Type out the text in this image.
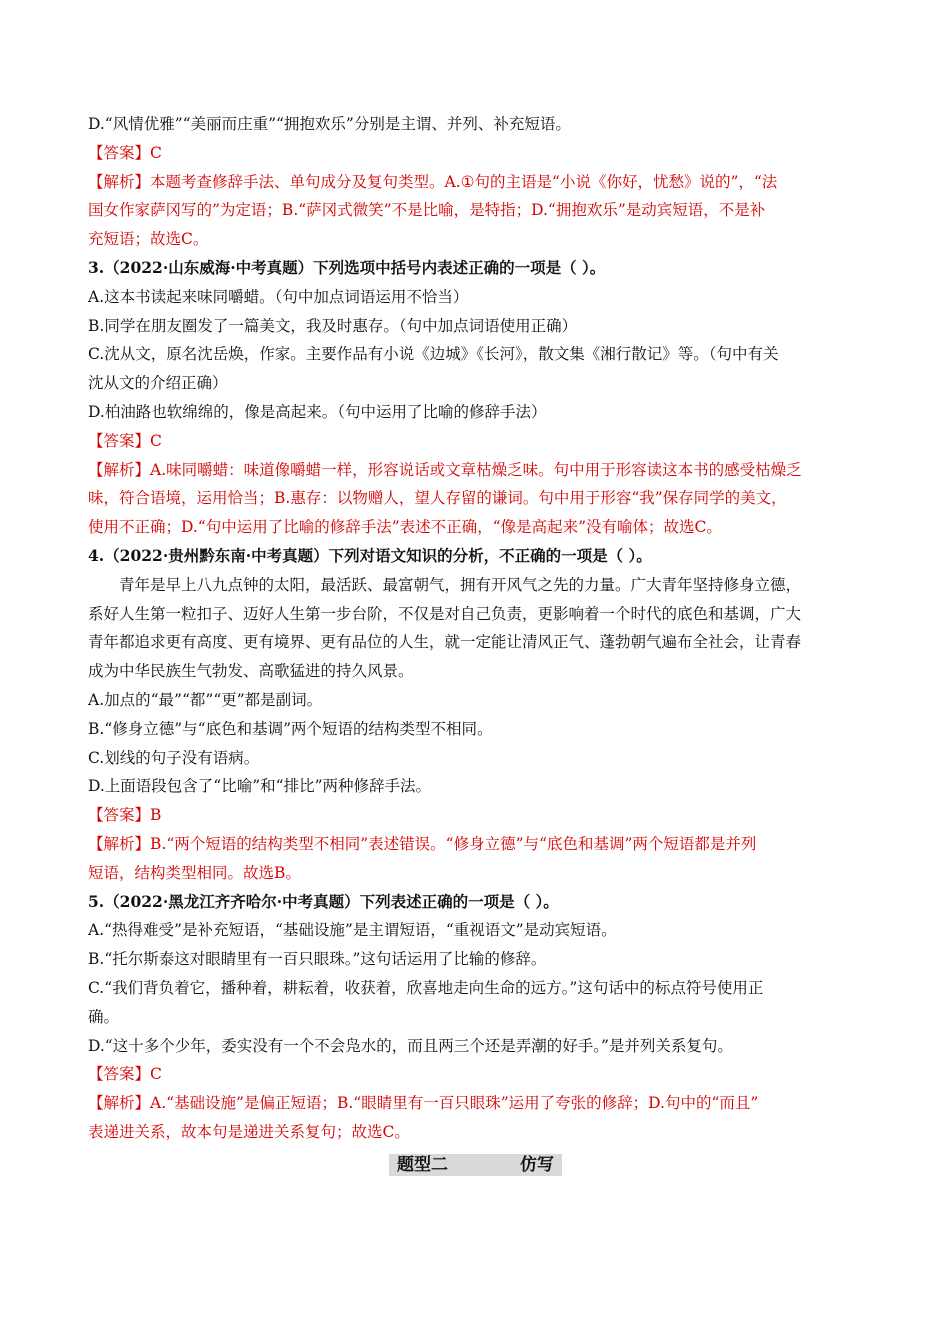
D.“风情优雅”“美丽而庄重”“拥抱欢乐”分别是主谓、并列、补充短语。
【答案】C
【解析】本题考查修辞手法、单句成分及复句类型。A.①句的主语是“小说《你好，忧愁》说的”，“法
国女作家萨冈写的”为定语；B.“萨冈式微笑”不是比喻，是特指；D.“拥抱欢乐”是动宾短语，不是补
充短语；故选C。
3.（2022·山东威海·中考真题）下列选项中括号内表述正确的一项是（ ）。
A.这本书读起来味同嚼蜡。（句中加点词语运用不恰当）
B.同学在朋友圈发了一篇美文，我及时惠存。（句中加点词语使用正确）
C.沈从文，原名沈岳焕，作家。主要作品有小说《边城》《长河》，散文集《湘行散记》等。（句中有关
沈从文的介绍正确）
D.柏油路也软绵绵的，像是高起来。（句中运用了比喻的修辞手法）
【答案】C
【解析】A.味同嚼蜡：味道像嚼蜡一样，形容说话或文章枯燥乏味。句中用于形容读这本书的感受枯燥乏
味，符合语境，运用恰当；B.惠存：以物赠人，望人存留的谦词。句中用于形容“我”保存同学的美文，
使用不正确；D.“句中运用了比喻的修辞手法”表述不正确，“像是高起来”没有喻体；故选C。
4.（2022·贵州黔东南·中考真题）下列对语文知识的分析，不正确的一项是（ ）。
青年是早上八九点钟的太阳，最活跃、最富朝气，拥有开风气之先的力量。广大青年坚持修身立德，
系好人生第一粒扣子、迈好人生第一步台阶，不仅是对自己负责，更影响着一个时代的底色和基调，广大
青年都追求更有高度、更有境界、更有品位的人生，就一定能让清风正气、蓬勃朝气遍布全社会，让青春
成为中华民族生气勃发、高歌猛进的持久风景。
A.加点的“最”“都”“更”都是副词。
B.“修身立德”与“底色和基调”两个短语的结构类型不相同。
C.划线的句子没有语病。
D.上面语段包含了“比喻”和“排比”两种修辞手法。
【答案】B
【解析】B.“两个短语的结构类型不相同”表述错误。“修身立德”与“底色和基调”两个短语都是并列
短语，结构类型相同。故选B。
5.（2022·黑龙江齐齐哈尔·中考真题）下列表述正确的一项是（ ）。
A.“热得难受”是补充短语，“基础设施”是主谓短语，“重视语文”是动宾短语。
B.“托尔斯泰这对眼睛里有一百只眼珠。”这句话运用了比输的修辞。
C.“我们背负着它，播种着，耕耘着，收获着，欣喜地走向生命的远方。”这句话中的标点符号使用正
确。
D.“这十多个少年，委实没有一个不会凫水的，而且两三个还是弄潮的好手。”是并列关系复句。
【答案】C
【解析】A.“基础设施”是偏正短语；B.“眼睛里有一百只眼珠”运用了夸张的修辞；D.句中的“而且”
表递进关系，故本句是递进关系复句；故选C。
题型二	仿写
